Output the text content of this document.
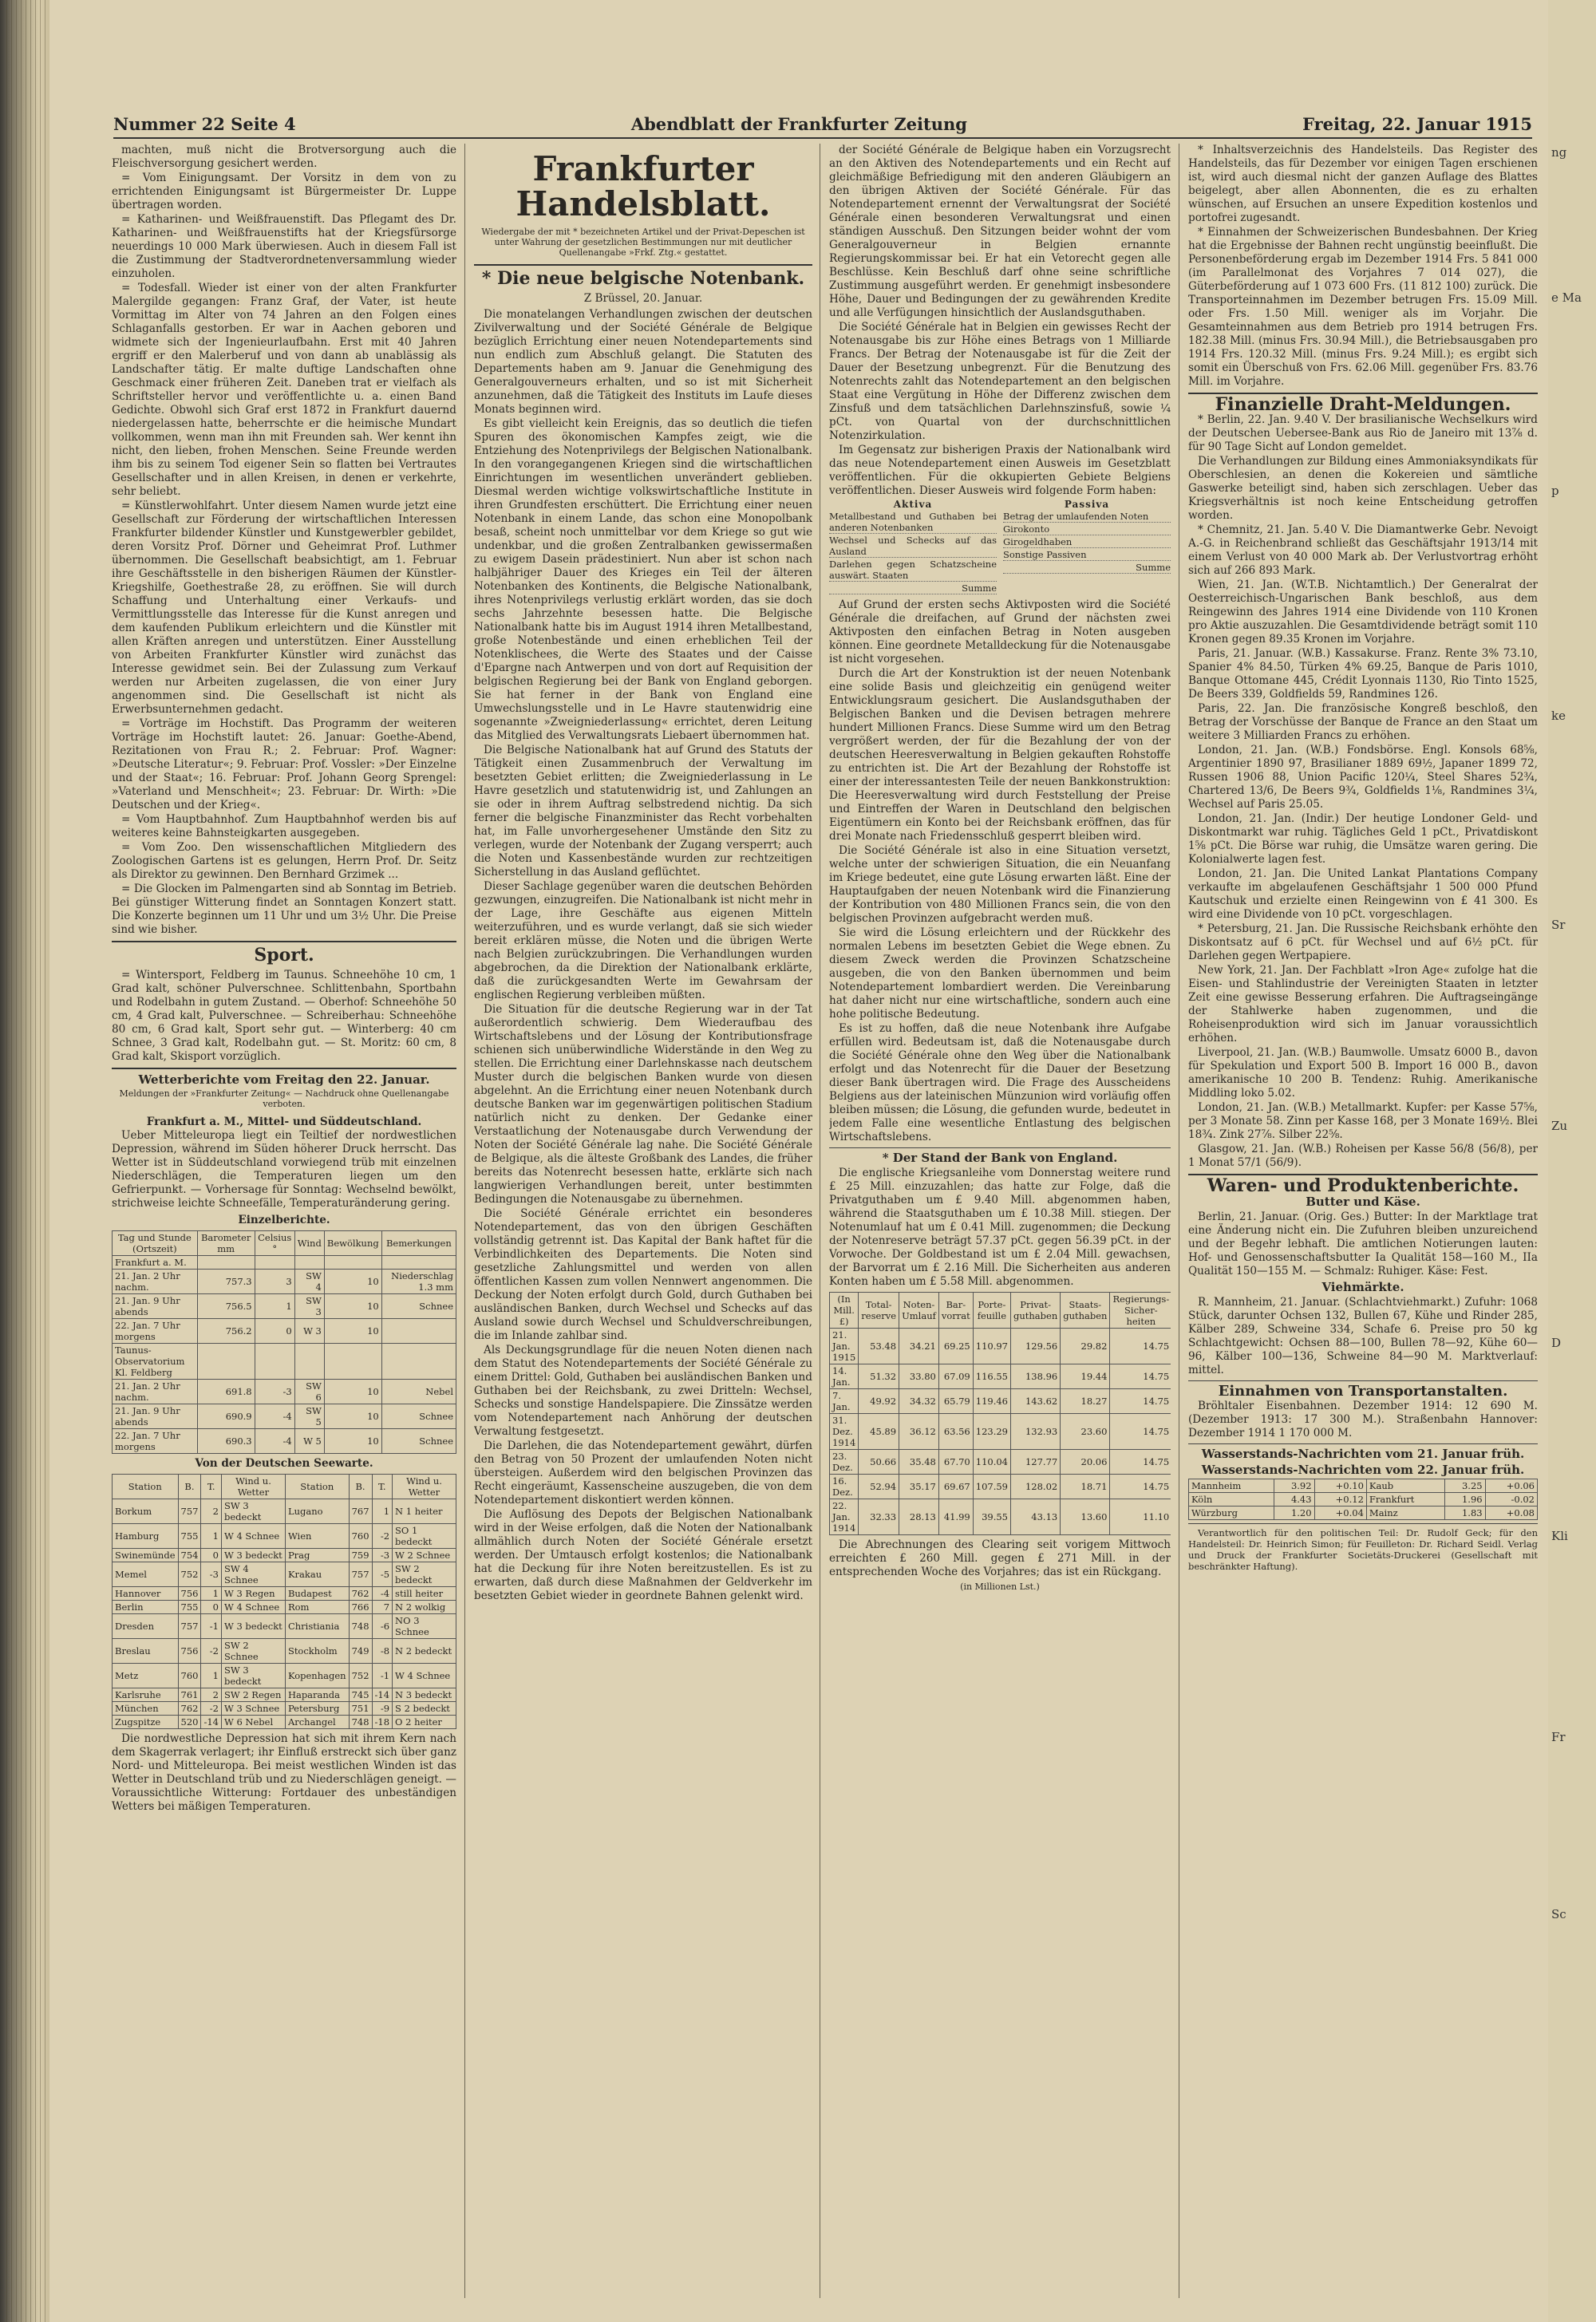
ng
e Ma
p
ke
Sr
Zu
D
Kli
Fr
Sc
Nummer 22 Seite 4	Abendblatt der Frankfurter Zeitung	Freitag, 22. Januar 1915

machten, muß nicht die Brotversorgung auch die Fleischversorgung gesichert werden.

= Vom Einigungsamt. Der Vorsitz in dem von zu errichtenden Einigungsamt ist Bürgermeister Dr. Luppe übertragen worden.

= Katharinen- und Weißfrauenstift. Das Pflegamt des Dr. Katharinen- und Weißfrauenstifts hat der Kriegsfürsorge neuerdings 10 000 Mark überwiesen. Auch in diesem Fall ist die Zustimmung der Stadtverordnetenversammlung wieder einzuholen.

= Todesfall. Wieder ist einer von der alten Frankfurter Malergilde gegangen: Franz Graf, der Vater, ist heute Vormittag im Alter von 74 Jahren an den Folgen eines Schlaganfalls gestorben. Er war in Aachen geboren und widmete sich der Ingenieurlaufbahn. Erst mit 40 Jahren ergriff er den Malerberuf und von dann ab unablässig als Landschafter tätig. Er malte duftige Landschaften ohne Geschmack einer früheren Zeit. Daneben trat er vielfach als Schriftsteller hervor und veröffentlichte u. a. einen Band Gedichte. Obwohl sich Graf erst 1872 in Frankfurt dauernd niedergelassen hatte, beherrschte er die heimische Mundart vollkommen, wenn man ihn mit Freunden sah. Wer kennt ihn nicht, den lieben, frohen Menschen. Seine Freunde werden ihm bis zu seinem Tod eigener Sein so flatten bei Vertrautes Gesellschafter und in allen Kreisen, in denen er verkehrte, sehr beliebt.

= Künstlerwohlfahrt. Unter diesem Namen wurde jetzt eine Gesellschaft zur Förderung der wirtschaftlichen Interessen Frankfurter bildender Künstler und Kunstgewerbler gebildet, deren Vorsitz Prof. Dörner und Geheimrat Prof. Luthmer übernommen. Die Gesellschaft beabsichtigt, am 1. Februar ihre Geschäftsstelle in den bisherigen Räumen der Künstler-Kriegshilfe, Goethestraße 28, zu eröffnen. Sie will durch Schaffung und Unterhaltung einer Verkaufs- und Vermittlungsstelle das Interesse für die Kunst anregen und dem kaufenden Publikum erleichtern und die Künstler mit allen Kräften anregen und unterstützen. Einer Ausstellung von Arbeiten Frankfurter Künstler wird zunächst das Interesse gewidmet sein. Bei der Zulassung zum Verkauf werden nur Arbeiten zugelassen, die von einer Jury angenommen sind. Die Gesellschaft ist nicht als Erwerbsunternehmen gedacht.

= Vorträge im Hochstift. Das Programm der weiteren Vorträge im Hochstift lautet: 26. Januar: Goethe-Abend, Rezitationen von Frau R.; 2. Februar: Prof. Wagner: »Deutsche Literatur«; 9. Februar: Prof. Vossler: »Der Einzelne und der Staat«; 16. Februar: Prof. Johann Georg Sprengel: »Vaterland und Menschheit«; 23. Februar: Dr. Wirth: »Die Deutschen und der Krieg«.

= Vom Hauptbahnhof. Zum Hauptbahnhof werden bis auf weiteres keine Bahnsteigkarten ausgegeben.

= Vom Zoo. Den wissenschaftlichen Mitgliedern des Zoologischen Gartens ist es gelungen, Herrn Prof. Dr. Seitz als Direktor zu gewinnen. Den Bernhard Grzimek ...

= Die Glocken im Palmengarten sind ab Sonntag im Betrieb. Bei günstiger Witterung findet an Sonntagen Konzert statt. Die Konzerte beginnen um 11 Uhr und um 3½ Uhr. Die Preise sind wie bisher.

Sport.

= Wintersport, Feldberg im Taunus. Schneehöhe 10 cm, 1 Grad kalt, schöner Pulverschnee. Schlittenbahn, Sportbahn und Rodelbahn in gutem Zustand. — Oberhof: Schneehöhe 50 cm, 4 Grad kalt, Pulverschnee. — Schreiberhau: Schneehöhe 80 cm, 6 Grad kalt, Sport sehr gut. — Winterberg: 40 cm Schnee, 3 Grad kalt, Rodelbahn gut. — St. Moritz: 60 cm, 8 Grad kalt, Skisport vorzüglich.

Wetterberichte vom Freitag den 22. Januar.
Meldungen der »Frankfurter Zeitung« — Nachdruck ohne Quellenangabe verboten.
Frankfurt a. M., Mittel- und Süddeutschland.

Ueber Mitteleuropa liegt ein Teiltief der nordwestlichen Depression, während im Süden höherer Druck herrscht. Das Wetter ist in Süddeutschland vorwiegend trüb mit einzelnen Niederschlägen, die Temperaturen liegen um den Gefrierpunkt. — Vorhersage für Sonntag: Wechselnd bewölkt, strichweise leichte Schneefälle, Temperaturänderung gering.

Einzelberichte.
Tag und Stunde (Ortszeit)	Barometer mm	Celsius °	Wind	Bewölkung	Bemerkungen
Frankfurt a. M.					
21. Jan. 2 Uhr nachm.	757.3	3	SW 4	10	Niederschlag 1.3 mm
21. Jan. 9 Uhr abends	756.5	1	SW 3	10	Schnee
22. Jan. 7 Uhr morgens	756.2	0	W 3	10	
Taunus-Observatorium Kl. Feldberg					
21. Jan. 2 Uhr nachm.	691.8	-3	SW 6	10	Nebel
21. Jan. 9 Uhr abends	690.9	-4	SW 5	10	Schnee
22. Jan. 7 Uhr morgens	690.3	-4	W 5	10	Schnee
Von der Deutschen Seewarte.
Station	B.	T.	Wind u. Wetter	Station	B.	T.	Wind u. Wetter
Borkum	757	2	SW 3 bedeckt	Lugano	767	1	N 1 heiter
Hamburg	755	1	W 4 Schnee	Wien	760	-2	SO 1 bedeckt
Swinemünde	754	0	W 3 bedeckt	Prag	759	-3	W 2 Schnee
Memel	752	-3	SW 4 Schnee	Krakau	757	-5	SW 2 bedeckt
Hannover	756	1	W 3 Regen	Budapest	762	-4	still heiter
Berlin	755	0	W 4 Schnee	Rom	766	7	N 2 wolkig
Dresden	757	-1	W 3 bedeckt	Christiania	748	-6	NO 3 Schnee
Breslau	756	-2	SW 2 Schnee	Stockholm	749	-8	N 2 bedeckt
Metz	760	1	SW 3 bedeckt	Kopenhagen	752	-1	W 4 Schnee
Karlsruhe	761	2	SW 2 Regen	Haparanda	745	-14	N 3 bedeckt
München	762	-2	W 3 Schnee	Petersburg	751	-9	S 2 bedeckt
Zugspitze	520	-14	W 6 Nebel	Archangel	748	-18	O 2 heiter

Die nordwestliche Depression hat sich mit ihrem Kern nach dem Skagerrak verlagert; ihr Einfluß erstreckt sich über ganz Nord- und Mitteleuropa. Bei meist westlichen Winden ist das Wetter in Deutschland trüb und zu Niederschlägen geneigt. — Voraussichtliche Witterung: Fortdauer des unbeständigen Wetters bei mäßigen Temperaturen.

Frankfurter Handelsblatt.
Wiedergabe der mit * bezeichneten Artikel und der Privat-Depeschen ist unter Wahrung der gesetzlichen Bestimmungen nur mit deutlicher Quellenangabe »Frkf. Ztg.« gestattet.
* Die neue belgische Notenbank.
Z Brüssel, 20. Januar.

Die monatelangen Verhandlungen zwischen der deutschen Zivilverwaltung und der Société Générale de Belgique bezüglich Errichtung einer neuen Notendepartements sind nun endlich zum Abschluß gelangt. Die Statuten des Departements haben am 9. Januar die Genehmigung des Generalgouverneurs erhalten, und so ist mit Sicherheit anzunehmen, daß die Tätigkeit des Instituts im Laufe dieses Monats beginnen wird.

Es gibt vielleicht kein Ereignis, das so deutlich die tiefen Spuren des ökonomischen Kampfes zeigt, wie die Entziehung des Notenprivilegs der Belgischen Nationalbank. In den vorangegangenen Kriegen sind die wirtschaftlichen Einrichtungen im wesentlichen unverändert geblieben. Diesmal werden wichtige volkswirtschaftliche Institute in ihren Grundfesten erschüttert. Die Errichtung einer neuen Notenbank in einem Lande, das schon eine Monopolbank besaß, scheint noch unmittelbar vor dem Kriege so gut wie undenkbar, und die großen Zentralbanken gewissermaßen zu ewigem Dasein prädestiniert. Nun aber ist schon nach halbjähriger Dauer des Krieges ein Teil der älteren Notenbanken des Kontinents, die Belgische Nationalbank, ihres Notenprivilegs verlustig erklärt worden, das sie doch sechs Jahrzehnte besessen hatte. Die Belgische Nationalbank hatte bis im August 1914 ihren Metallbestand, große Notenbestände und einen erheblichen Teil der Notenklischees, die Werte des Staates und der Caisse d'Epargne nach Antwerpen und von dort auf Requisition der belgischen Regierung bei der Bank von England geborgen. Sie hat ferner in der Bank von England eine Umwechslungsstelle und in Le Havre stautenwidrig eine sogenannte »Zweigniederlassung« errichtet, deren Leitung das Mitglied des Verwaltungsrats Liebaert übernommen hat.

Die Belgische Nationalbank hat auf Grund des Statuts der Tätigkeit einen Zusammenbruch der Verwaltung im besetzten Gebiet erlitten; die Zweigniederlassung in Le Havre gesetzlich und statutenwidrig ist, und Zahlungen an sie oder in ihrem Auftrag selbstredend nichtig. Da sich ferner die belgische Finanzminister das Recht vorbehalten hat, im Falle unvorhergesehener Umstände den Sitz zu verlegen, wurde der Notenbank der Zugang versperrt; auch die Noten und Kassenbestände wurden zur rechtzeitigen Sicherstellung in das Ausland geflüchtet.

Dieser Sachlage gegenüber waren die deutschen Behörden gezwungen, einzugreifen. Die Nationalbank ist nicht mehr in der Lage, ihre Geschäfte aus eigenen Mitteln weiterzuführen, und es wurde verlangt, daß sie sich wieder bereit erklären müsse, die Noten und die übrigen Werte nach Belgien zurückzubringen. Die Verhandlungen wurden abgebrochen, da die Direktion der Nationalbank erklärte, daß die zurückgesandten Werte im Gewahrsam der englischen Regierung verbleiben müßten.

Die Situation für die deutsche Regierung war in der Tat außerordentlich schwierig. Dem Wiederaufbau des Wirtschaftslebens und der Lösung der Kontributionsfrage schienen sich unüberwindliche Widerstände in den Weg zu stellen. Die Errichtung einer Darlehnskasse nach deutschem Muster durch die belgischen Banken wurde von diesen abgelehnt. An die Errichtung einer neuen Notenbank durch deutsche Banken war im gegenwärtigen politischen Stadium natürlich nicht zu denken. Der Gedanke einer Verstaatlichung der Notenausgabe durch Verwendung der Noten der Société Générale lag nahe. Die Société Générale de Belgique, als die älteste Großbank des Landes, die früher bereits das Notenrecht besessen hatte, erklärte sich nach langwierigen Verhandlungen bereit, unter bestimmten Bedingungen die Notenausgabe zu übernehmen.

Die Société Générale errichtet ein besonderes Notendepartement, das von den übrigen Geschäften vollständig getrennt ist. Das Kapital der Bank haftet für die Verbindlichkeiten des Departements. Die Noten sind gesetzliche Zahlungsmittel und werden von allen öffentlichen Kassen zum vollen Nennwert angenommen. Die Deckung der Noten erfolgt durch Gold, durch Guthaben bei ausländischen Banken, durch Wechsel und Schecks auf das Ausland sowie durch Wechsel und Schuldverschreibungen, die im Inlande zahlbar sind.

Als Deckungsgrundlage für die neuen Noten dienen nach dem Statut des Notendepartements der Société Générale zu einem Drittel: Gold, Guthaben bei ausländischen Banken und Guthaben bei der Reichsbank, zu zwei Dritteln: Wechsel, Schecks und sonstige Handelspapiere. Die Zinssätze werden vom Notendepartement nach Anhörung der deutschen Verwaltung festgesetzt.

Die Darlehen, die das Notendepartement gewährt, dürfen den Betrag von 50 Prozent der umlaufenden Noten nicht übersteigen. Außerdem wird den belgischen Provinzen das Recht eingeräumt, Kassenscheine auszugeben, die von dem Notendepartement diskontiert werden können.

Die Auflösung des Depots der Belgischen Nationalbank wird in der Weise erfolgen, daß die Noten der Nationalbank allmählich durch Noten der Société Générale ersetzt werden. Der Umtausch erfolgt kostenlos; die Nationalbank hat die Deckung für ihre Noten bereitzustellen. Es ist zu erwarten, daß durch diese Maßnahmen der Geldverkehr im besetzten Gebiet wieder in geordnete Bahnen gelenkt wird.

der Société Générale de Belgique haben ein Vorzugsrecht an den Aktiven des Notendepartements und ein Recht auf gleichmäßige Befriedigung mit den anderen Gläubigern an den übrigen Aktiven der Société Générale. Für das Notendepartement ernennt der Verwaltungsrat der Société Générale einen besonderen Verwaltungsrat und einen ständigen Ausschuß. Den Sitzungen beider wohnt der vom Generalgouverneur in Belgien ernannte Regierungskommissar bei. Er hat ein Vetorecht gegen alle Beschlüsse. Kein Beschluß darf ohne seine schriftliche Zustimmung ausgeführt werden. Er genehmigt insbesondere Höhe, Dauer und Bedingungen der zu gewährenden Kredite und alle Verfügungen hinsichtlich der Auslandsguthaben.

Die Société Générale hat in Belgien ein gewisses Recht der Notenausgabe bis zur Höhe eines Betrags von 1 Milliarde Francs. Der Betrag der Notenausgabe ist für die Zeit der Dauer der Besetzung unbegrenzt. Für die Benutzung des Notenrechts zahlt das Notendepartement an den belgischen Staat eine Vergütung in Höhe der Differenz zwischen dem Zinsfuß und dem tatsächlichen Darlehnszinsfuß, sowie ¼ pCt. von Quartal von der durchschnittlichen Notenzirkulation.

Im Gegensatz zur bisherigen Praxis der Nationalbank wird das neue Notendepartement einen Ausweis im Gesetzblatt veröffentlichen. Für die okkupierten Gebiete Belgiens veröffentlichen. Dieser Ausweis wird folgende Form haben:

Aktiva
Metallbestand und Guthaben bei anderen Notenbanken
Wechsel und Schecks auf das Ausland
Darlehen gegen Schatzscheine auswärt. Staaten
Summe
Passiva
Betrag der umlaufenden Noten
Girokonto
Girogeldhaben
Sonstige Passiven
Summe

Auf Grund der ersten sechs Aktivposten wird die Société Générale die dreifachen, auf Grund der nächsten zwei Aktivposten den einfachen Betrag in Noten ausgeben können. Eine geordnete Metalldeckung für die Notenausgabe ist nicht vorgesehen.

Durch die Art der Konstruktion ist der neuen Notenbank eine solide Basis und gleichzeitig ein genügend weiter Entwicklungsraum gesichert. Die Auslandsguthaben der Belgischen Banken und die Devisen betragen mehrere hundert Millionen Francs. Diese Summe wird um den Betrag vergrößert werden, der für die Bezahlung der von der deutschen Heeresverwaltung in Belgien gekauften Rohstoffe zu entrichten ist. Die Art der Bezahlung der Rohstoffe ist einer der interessantesten Teile der neuen Bankkonstruktion: Die Heeresverwaltung wird durch Feststellung der Preise und Eintreffen der Waren in Deutschland den belgischen Eigentümern ein Konto bei der Reichsbank eröffnen, das für drei Monate nach Friedensschluß gesperrt bleiben wird.

Die Société Générale ist also in eine Situation versetzt, welche unter der schwierigen Situation, die ein Neuanfang im Kriege bedeutet, eine gute Lösung erwarten läßt. Eine der Hauptaufgaben der neuen Notenbank wird die Finanzierung der Kontribution von 480 Millionen Francs sein, die von den belgischen Provinzen aufgebracht werden muß.

Sie wird die Lösung erleichtern und der Rückkehr des normalen Lebens im besetzten Gebiet die Wege ebnen. Zu diesem Zweck werden die Provinzen Schatzscheine ausgeben, die von den Banken übernommen und beim Notendepartement lombardiert werden. Die Vereinbarung hat daher nicht nur eine wirtschaftliche, sondern auch eine hohe politische Bedeutung.

Es ist zu hoffen, daß die neue Notenbank ihre Aufgabe erfüllen wird. Bedeutsam ist, daß die Notenausgabe durch die Société Générale ohne den Weg über die Nationalbank erfolgt und das Notenrecht für die Dauer der Besetzung dieser Bank übertragen wird. Die Frage des Ausscheidens Belgiens aus der lateinischen Münzunion wird vorläufig offen bleiben müssen; die Lösung, die gefunden wurde, bedeutet in jedem Falle eine wesentliche Entlastung des belgischen Wirtschaftslebens.

* Der Stand der Bank von England.

Die englische Kriegsanleihe vom Donnerstag weitere rund £ 25 Mill. einzuzahlen; das hatte zur Folge, daß die Privatguthaben um £ 9.40 Mill. abgenommen haben, während die Staatsguthaben um £ 10.38 Mill. stiegen. Der Notenumlauf hat um £ 0.41 Mill. zugenommen; die Deckung der Notenreserve beträgt 57.37 pCt. gegen 56.39 pCt. in der Vorwoche. Der Goldbestand ist um £ 2.04 Mill. gewachsen, der Barvorrat um £ 2.16 Mill. Die Sicherheiten aus anderen Konten haben um £ 5.58 Mill. abgenommen.

(In Mill. £)	Total-reserve	Noten-Umlauf	Bar-vorrat	Porte-feuille	Privat-guthaben	Staats-guthaben	Regierungs-Sicher-heiten	
21. Jan. 1915	53.48	34.21	69.25	110.97	129.56	29.82	14.75	
14. Jan.	51.32	33.80	67.09	116.55	138.96	19.44	14.75	
7. Jan.	49.92	34.32	65.79	119.46	143.62	18.27	14.75	
31. Dez. 1914	45.89	36.12	63.56	123.29	132.93	23.60	14.75	
23. Dez.	50.66	35.48	67.70	110.04	127.77	20.06	14.75	
16. Dez.	52.94	35.17	69.67	107.59	128.02	18.71	14.75	
22. Jan. 1914	32.33	28.13	41.99	39.55	43.13	13.60	11.10	

Die Abrechnungen des Clearing seit vorigem Mittwoch erreichten £ 260 Mill. gegen £ 271 Mill. in der entsprechenden Woche des Vorjahres; das ist ein Rückgang.

(in Millionen Lst.)

* Inhaltsverzeichnis des Handelsteils. Das Register des Handelsteils, das für Dezember vor einigen Tagen erschienen ist, wird auch diesmal nicht der ganzen Auflage des Blattes beigelegt, aber allen Abonnenten, die es zu erhalten wünschen, auf Ersuchen an unsere Expedition kostenlos und portofrei zugesandt.

* Einnahmen der Schweizerischen Bundesbahnen. Der Krieg hat die Ergebnisse der Bahnen recht ungünstig beeinflußt. Die Personenbeförderung ergab im Dezember 1914 Frs. 5 841 000 (im Parallelmonat des Vorjahres 7 014 027), die Güterbeförderung auf 1 073 600 Frs. (11 812 100) zurück. Die Transporteinnahmen im Dezember betrugen Frs. 15.09 Mill. oder Frs. 1.50 Mill. weniger als im Vorjahr. Die Gesamteinnahmen aus dem Betrieb pro 1914 betrugen Frs. 182.38 Mill. (minus Frs. 30.94 Mill.), die Betriebsausgaben pro 1914 Frs. 120.32 Mill. (minus Frs. 9.24 Mill.); es ergibt sich somit ein Überschuß von Frs. 62.06 Mill. gegenüber Frs. 83.76 Mill. im Vorjahre.

Finanzielle Draht-Meldungen.

* Berlin, 22. Jan. 9.40 V. Der brasilianische Wechselkurs wird der Deutschen Uebersee-Bank aus Rio de Janeiro mit 13⅞ d. für 90 Tage Sicht auf London gemeldet.

Die Verhandlungen zur Bildung eines Ammoniaksyndikats für Oberschlesien, an denen die Kokereien und sämtliche Gaswerke beteiligt sind, haben sich zerschlagen. Ueber das Kriegsverhältnis ist noch keine Entscheidung getroffen worden.

* Chemnitz, 21. Jan. 5.40 V. Die Diamantwerke Gebr. Nevoigt A.-G. in Reichenbrand schließt das Geschäftsjahr 1913/14 mit einem Verlust von 40 000 Mark ab. Der Verlustvortrag erhöht sich auf 266 893 Mark.

Wien, 21. Jan. (W.T.B. Nichtamtlich.) Der Generalrat der Oesterreichisch-Ungarischen Bank beschloß, aus dem Reingewinn des Jahres 1914 eine Dividende von 110 Kronen pro Aktie auszuzahlen. Die Gesamtdividende beträgt somit 110 Kronen gegen 89.35 Kronen im Vorjahre.

Paris, 21. Januar. (W.B.) Kassakurse. Franz. Rente 3% 73.10, Spanier 4% 84.50, Türken 4% 69.25, Banque de Paris 1010, Banque Ottomane 445, Crédit Lyonnais 1130, Rio Tinto 1525, De Beers 339, Goldfields 59, Randmines 126.

Paris, 22. Jan. Die französische Kongreß beschloß, den Betrag der Vorschüsse der Banque de France an den Staat um weitere 3 Milliarden Francs zu erhöhen.

London, 21. Jan. (W.B.) Fondsbörse. Engl. Konsols 68⅝, Argentinier 1890 97, Brasilianer 1889 69½, Japaner 1899 72, Russen 1906 88, Union Pacific 120¼, Steel Shares 52¾, Chartered 13/6, De Beers 9¾, Goldfields 1⅛, Randmines 3¼, Wechsel auf Paris 25.05.

London, 21. Jan. (Indir.) Der heutige Londoner Geld- und Diskontmarkt war ruhig. Tägliches Geld 1 pCt., Privatdiskont 1⅝ pCt. Die Börse war ruhig, die Umsätze waren gering. Die Kolonialwerte lagen fest.

London, 21. Jan. Die United Lankat Plantations Company verkaufte im abgelaufenen Geschäftsjahr 1 500 000 Pfund Kautschuk und erzielte einen Reingewinn von £ 41 300. Es wird eine Dividende von 10 pCt. vorgeschlagen.

* Petersburg, 21. Jan. Die Russische Reichsbank erhöhte den Diskontsatz auf 6 pCt. für Wechsel und auf 6½ pCt. für Darlehen gegen Wertpapiere.

New York, 21. Jan. Der Fachblatt »Iron Age« zufolge hat die Eisen- und Stahlindustrie der Vereinigten Staaten in letzter Zeit eine gewisse Besserung erfahren. Die Auftragseingänge der Stahlwerke haben zugenommen, und die Roheisenproduktion wird sich im Januar voraussichtlich erhöhen.

Liverpool, 21. Jan. (W.B.) Baumwolle. Umsatz 6000 B., davon für Spekulation und Export 500 B. Import 16 000 B., davon amerikanische 10 200 B. Tendenz: Ruhig. Amerikanische Middling loko 5.02.

London, 21. Jan. (W.B.) Metallmarkt. Kupfer: per Kasse 57⅝, per 3 Monate 58. Zinn per Kasse 168, per 3 Monate 169½. Blei 18¾. Zink 27⅞. Silber 22⅝.

Glasgow, 21. Jan. (W.B.) Roheisen per Kasse 56/8 (56/8), per 1 Monat 57/1 (56/9).

Waren- und Produktenberichte.
Butter und Käse.

Berlin, 21. Januar. (Orig. Ges.) Butter: In der Marktlage trat eine Änderung nicht ein. Die Zufuhren bleiben unzureichend und der Begehr lebhaft. Die amtlichen Notierungen lauten: Hof- und Genossenschaftsbutter Ia Qualität 158—160 M., IIa Qualität 150—155 M. — Schmalz: Ruhiger. Käse: Fest.

Viehmärkte.

R. Mannheim, 21. Januar. (Schlachtviehmarkt.) Zufuhr: 1068 Stück, darunter Ochsen 132, Bullen 67, Kühe und Rinder 285, Kälber 289, Schweine 334, Schafe 6. Preise pro 50 kg Schlachtgewicht: Ochsen 88—100, Bullen 78—92, Kühe 60—96, Kälber 100—136, Schweine 84—90 M. Marktverlauf: mittel.

Einnahmen von Transportanstalten.

Bröhltaler Eisenbahnen. Dezember 1914: 12 690 M. (Dezember 1913: 17 300 M.). Straßenbahn Hannover: Dezember 1914 1 170 000 M.

Wasserstands-Nachrichten vom 21. Januar früh.
Wasserstands-Nachrichten vom 22. Januar früh.
Mannheim	3.92	+0.10	Kaub	3.25	+0.06
Köln	4.43	+0.12	Frankfurt	1.96	-0.02
Würzburg	1.20	+0.04	Mainz	1.83	+0.08

Verantwortlich für den politischen Teil: Dr. Rudolf Geck; für den Handelsteil: Dr. Heinrich Simon; für Feuilleton: Dr. Richard Seidl. Verlag und Druck der Frankfurter Societäts-Druckerei (Gesellschaft mit beschränkter Haftung).
